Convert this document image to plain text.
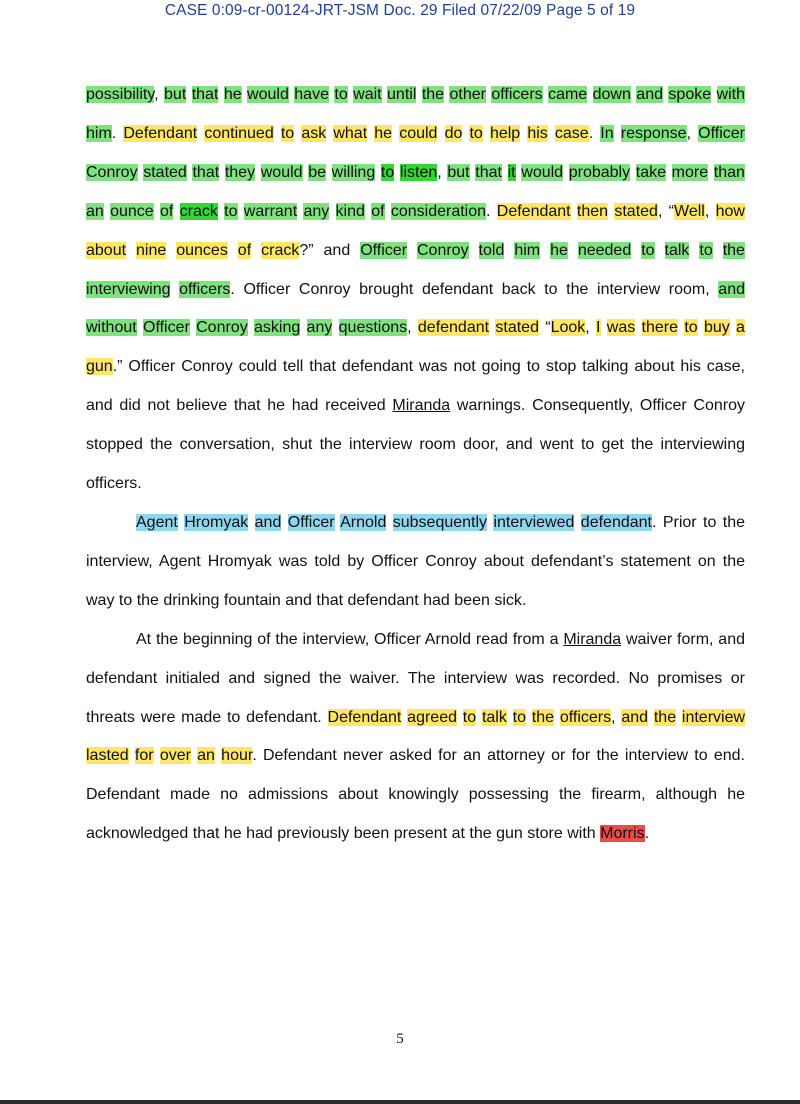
CASE 0:09-cr-00124-JRT-JSM Doc. 29 Filed 07/22/09 Page 5 of 19

possibility, but that he would have to wait until the other officers came down and spoke with him. Defendant continued to ask what he could do to help his case. In response, Officer Conroy stated that they would be willing to listen, but that it would probably take more than an ounce of crack to warrant any kind of consideration. Defendant then stated, “Well, how about nine ounces of crack?” and Officer Conroy told him he needed to talk to the interviewing officers. Officer Conroy brought defendant back to the interview room, and without Officer Conroy asking any questions, defendant stated “Look, I was there to buy a gun.” Officer Conroy could tell that defendant was not going to stop talking about his case, and did not believe that he had received Miranda warnings. Consequently, Officer Conroy stopped the conversation, shut the interview room door, and went to get the interviewing officers.

Agent Hromyak and Officer Arnold subsequently interviewed defendant. Prior to the interview, Agent Hromyak was told by Officer Conroy about defendant’s statement on the way to the drinking fountain and that defendant had been sick.

At the beginning of the interview, Officer Arnold read from a Miranda waiver form, and defendant initialed and signed the waiver. The interview was recorded. No promises or threats were made to defendant. Defendant agreed to talk to the officers, and the interview lasted for over an hour. Defendant never asked for an attorney or for the interview to end. Defendant made no admissions about knowingly possessing the firearm, although he acknowledged that he had previously been present at the gun store with Morris.

5
